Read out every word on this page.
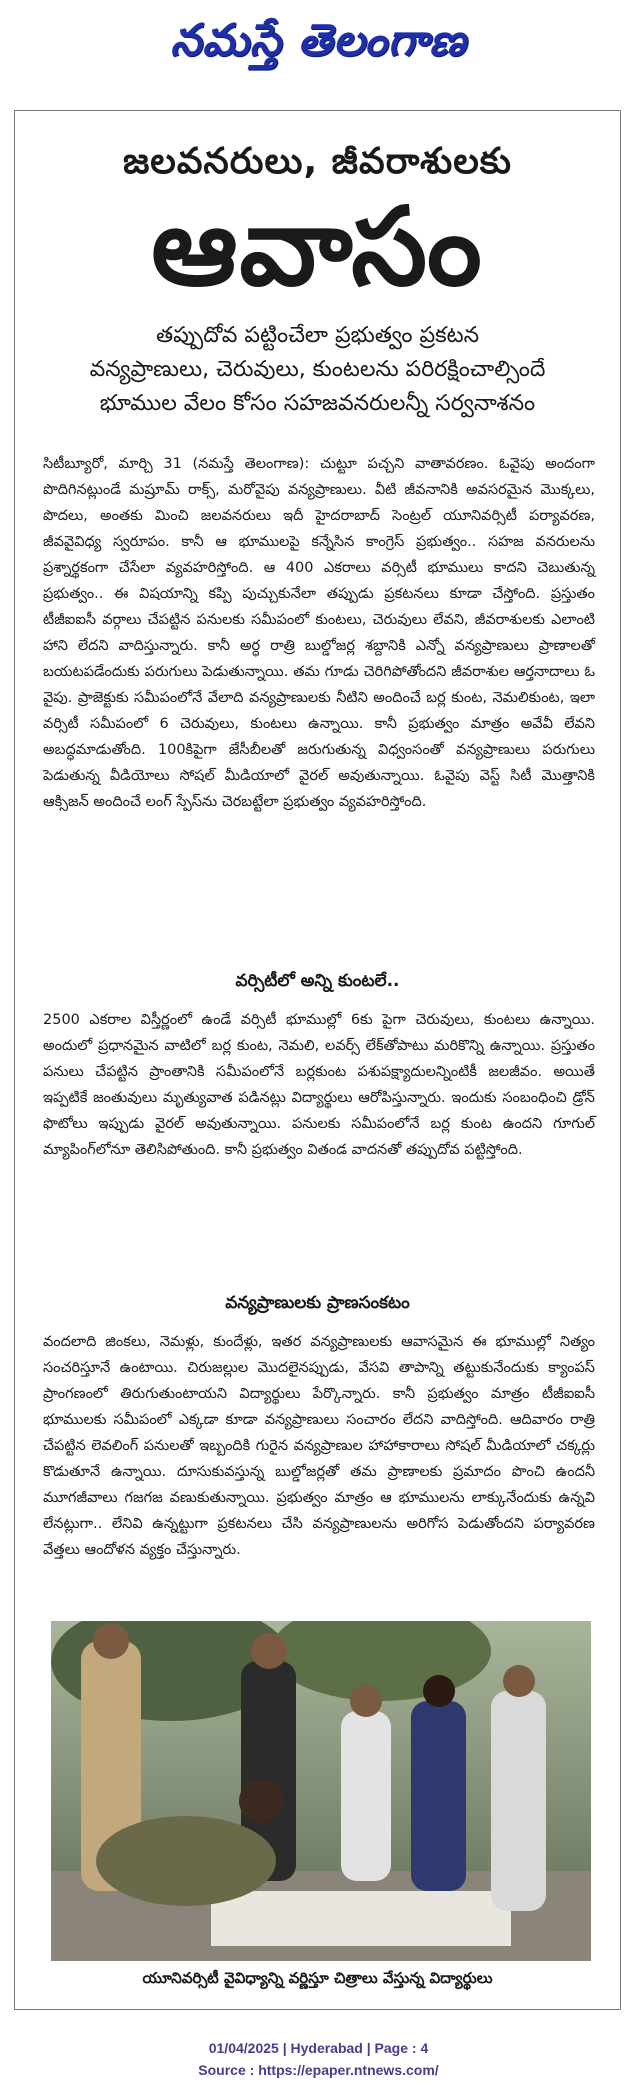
నమస్తే తెలంగాణ
జలవనరులు, జీవరాశులకు
ఆవాసం
తప్పుదోవ పట్టించేలా ప్రభుత్వం ప్రకటన
వన్యప్రాణులు, చెరువులు, కుంటలను పరిరక్షించాల్సిందే
భూముల వేలం కోసం సహజవనరులన్నీ సర్వనాశనం
సిటీబ్యూరో, మార్చి 31 (నమస్తే తెలంగాణ): చుట్టూ పచ్చని వాతావరణం. ఓవైపు అందంగా పొదిగినట్లుండే మష్రూమ్ రాక్స్, మరోవైపు వన్యప్రాణులు. వీటి జీవనానికి అవసరమైన మొక్కలు, పొదలు, అంతకు మించి జలవనరులు ఇదీ హైదరాబాద్ సెంట్రల్ యూనివర్సిటీ పర్యావరణ, జీవవైవిధ్య స్వరూపం. కానీ ఆ భూములపై కన్నేసిన కాంగ్రెస్ ప్రభుత్వం.. సహజ వనరులను ప్రశ్నార్థకంగా చేసేలా వ్యవహరిస్తోంది. ఆ 400 ఎకరాలు వర్సిటీ భూములు కాదని చెబుతున్న ప్రభుత్వం.. ఈ విషయాన్ని కప్పి పుచ్చుకునేలా తప్పుడు ప్రకటనలు కూడా చేస్తోంది. ప్రస్తుతం టీజీఐఐసీ వర్గాలు చేపట్టిన పనులకు సమీపంలో కుంటలు, చెరువులు లేవని, జీవరాశులకు ఎలాంటి హాని లేదని వాదిస్తున్నారు. కానీ అర్ధ రాత్రి బుల్డోజర్ల శబ్దానికి ఎన్నో వన్యప్రాణులు ప్రాణాలతో బయటపడేందుకు పరుగులు పెడుతున్నాయి. తమ గూడు చెరిగిపోతోందని జీవరాశుల ఆర్తనాదాలు ఓ వైపు. ప్రాజెక్టుకు సమీపంలోనే వేలాది వన్యప్రాణులకు నీటిని అందించే బర్ల కుంట, నెమలికుంట, ఇలా వర్సిటీ సమీపంలో 6 చెరువులు, కుంటలు ఉన్నాయి. కానీ ప్రభుత్వం మాత్రం అవేవీ లేవని అబద్ధమాడుతోంది. 100కిపైగా జేసీబీలతో జరుగుతున్న విధ్వంసంతో వన్యప్రాణులు పరుగులు పెడుతున్న వీడియోలు సోషల్ మీడియాలో వైరల్ అవుతున్నాయి. ఓవైపు వెస్ట్ సిటీ మొత్తానికి ఆక్సిజన్ అందించే లంగ్ స్పేస్‌ను చెరబట్టేలా ప్రభుత్వం వ్యవహరిస్తోంది.
వర్సిటీలో అన్ని కుంటలే..
2500 ఎకరాల విస్తీర్ణంలో ఉండే వర్సిటీ భూముల్లో 6కు పైగా చెరువులు, కుంటలు ఉన్నాయి. అందులో ప్రధానమైన వాటిలో బర్ల కుంట, నెమలి, లవర్స్ లేక్‌తోపాటు మరికొన్ని ఉన్నాయి. ప్రస్తుతం పనులు చేపట్టిన ప్రాంతానికి సమీపంలోనే బర్లకుంట పశుపక్ష్యాదులన్నింటికీ జలజీవం. అయితే ఇప్పటికే జంతువులు మృత్యువాత పడినట్లు విద్యార్థులు ఆరోపిస్తున్నారు. ఇందుకు సంబంధించి డ్రోన్ ఫొటోలు ఇప్పుడు వైరల్ అవుతున్నాయి. పనులకు సమీపంలోనే బర్ల కుంట ఉందని గూగుల్ మ్యాపింగ్‌లోనూ తెలిసిపోతుంది. కానీ ప్రభుత్వం వితండ వాదనతో తప్పుదోవ పట్టిస్తోంది.
వన్యప్రాణులకు ప్రాణసంకటం
వందలాది జింకలు, నెమళ్లు, కుందేళ్లు, ఇతర వన్యప్రాణులకు ఆవాసమైన ఈ భూముల్లో నిత్యం సంచరిస్తూనే ఉంటాయి. చిరుజల్లుల మొదలైనప్పుడు, వేసవి తాపాన్ని తట్టుకునేందుకు క్యాంపస్ ప్రాంగణంలో తిరుగుతుంటాయని విద్యార్థులు పేర్కొన్నారు. కానీ ప్రభుత్వం మాత్రం టీజీఐఐసీ భూములకు సమీపంలో ఎక్కడా కూడా వన్యప్రాణులు సంచారం లేదని వాదిస్తోంది. ఆదివారం రాత్రి చేపట్టిన లెవలింగ్ పనులతో ఇబ్బందికి గురైన వన్యప్రాణుల హాహాకారాలు సోషల్ మీడియాలో చక్కర్లు కొడుతూనే ఉన్నాయి. దూసుకువస్తున్న బుల్డోజర్లతో తమ ప్రాణాలకు ప్రమాదం పొంచి ఉందనీ మూగజీవాలు గజగజ వణుకుతున్నాయి. ప్రభుత్వం మాత్రం ఆ భూములను లాక్కునేందుకు ఉన్నవి లేనట్లుగా.. లేనివి ఉన్నట్టుగా ప్రకటనలు చేసి వన్యప్రాణులను అరిగోస పెడుతోందని పర్యావరణ వేత్తలు ఆందోళన వ్యక్తం చేస్తున్నారు.
యూనివర్సిటీ వైవిధ్యాన్ని వర్ణిస్తూ చిత్రాలు వేస్తున్న విద్యార్థులు
01/04/2025 | Hyderabad | Page : 4
Source : https://epaper.ntnews.com/
